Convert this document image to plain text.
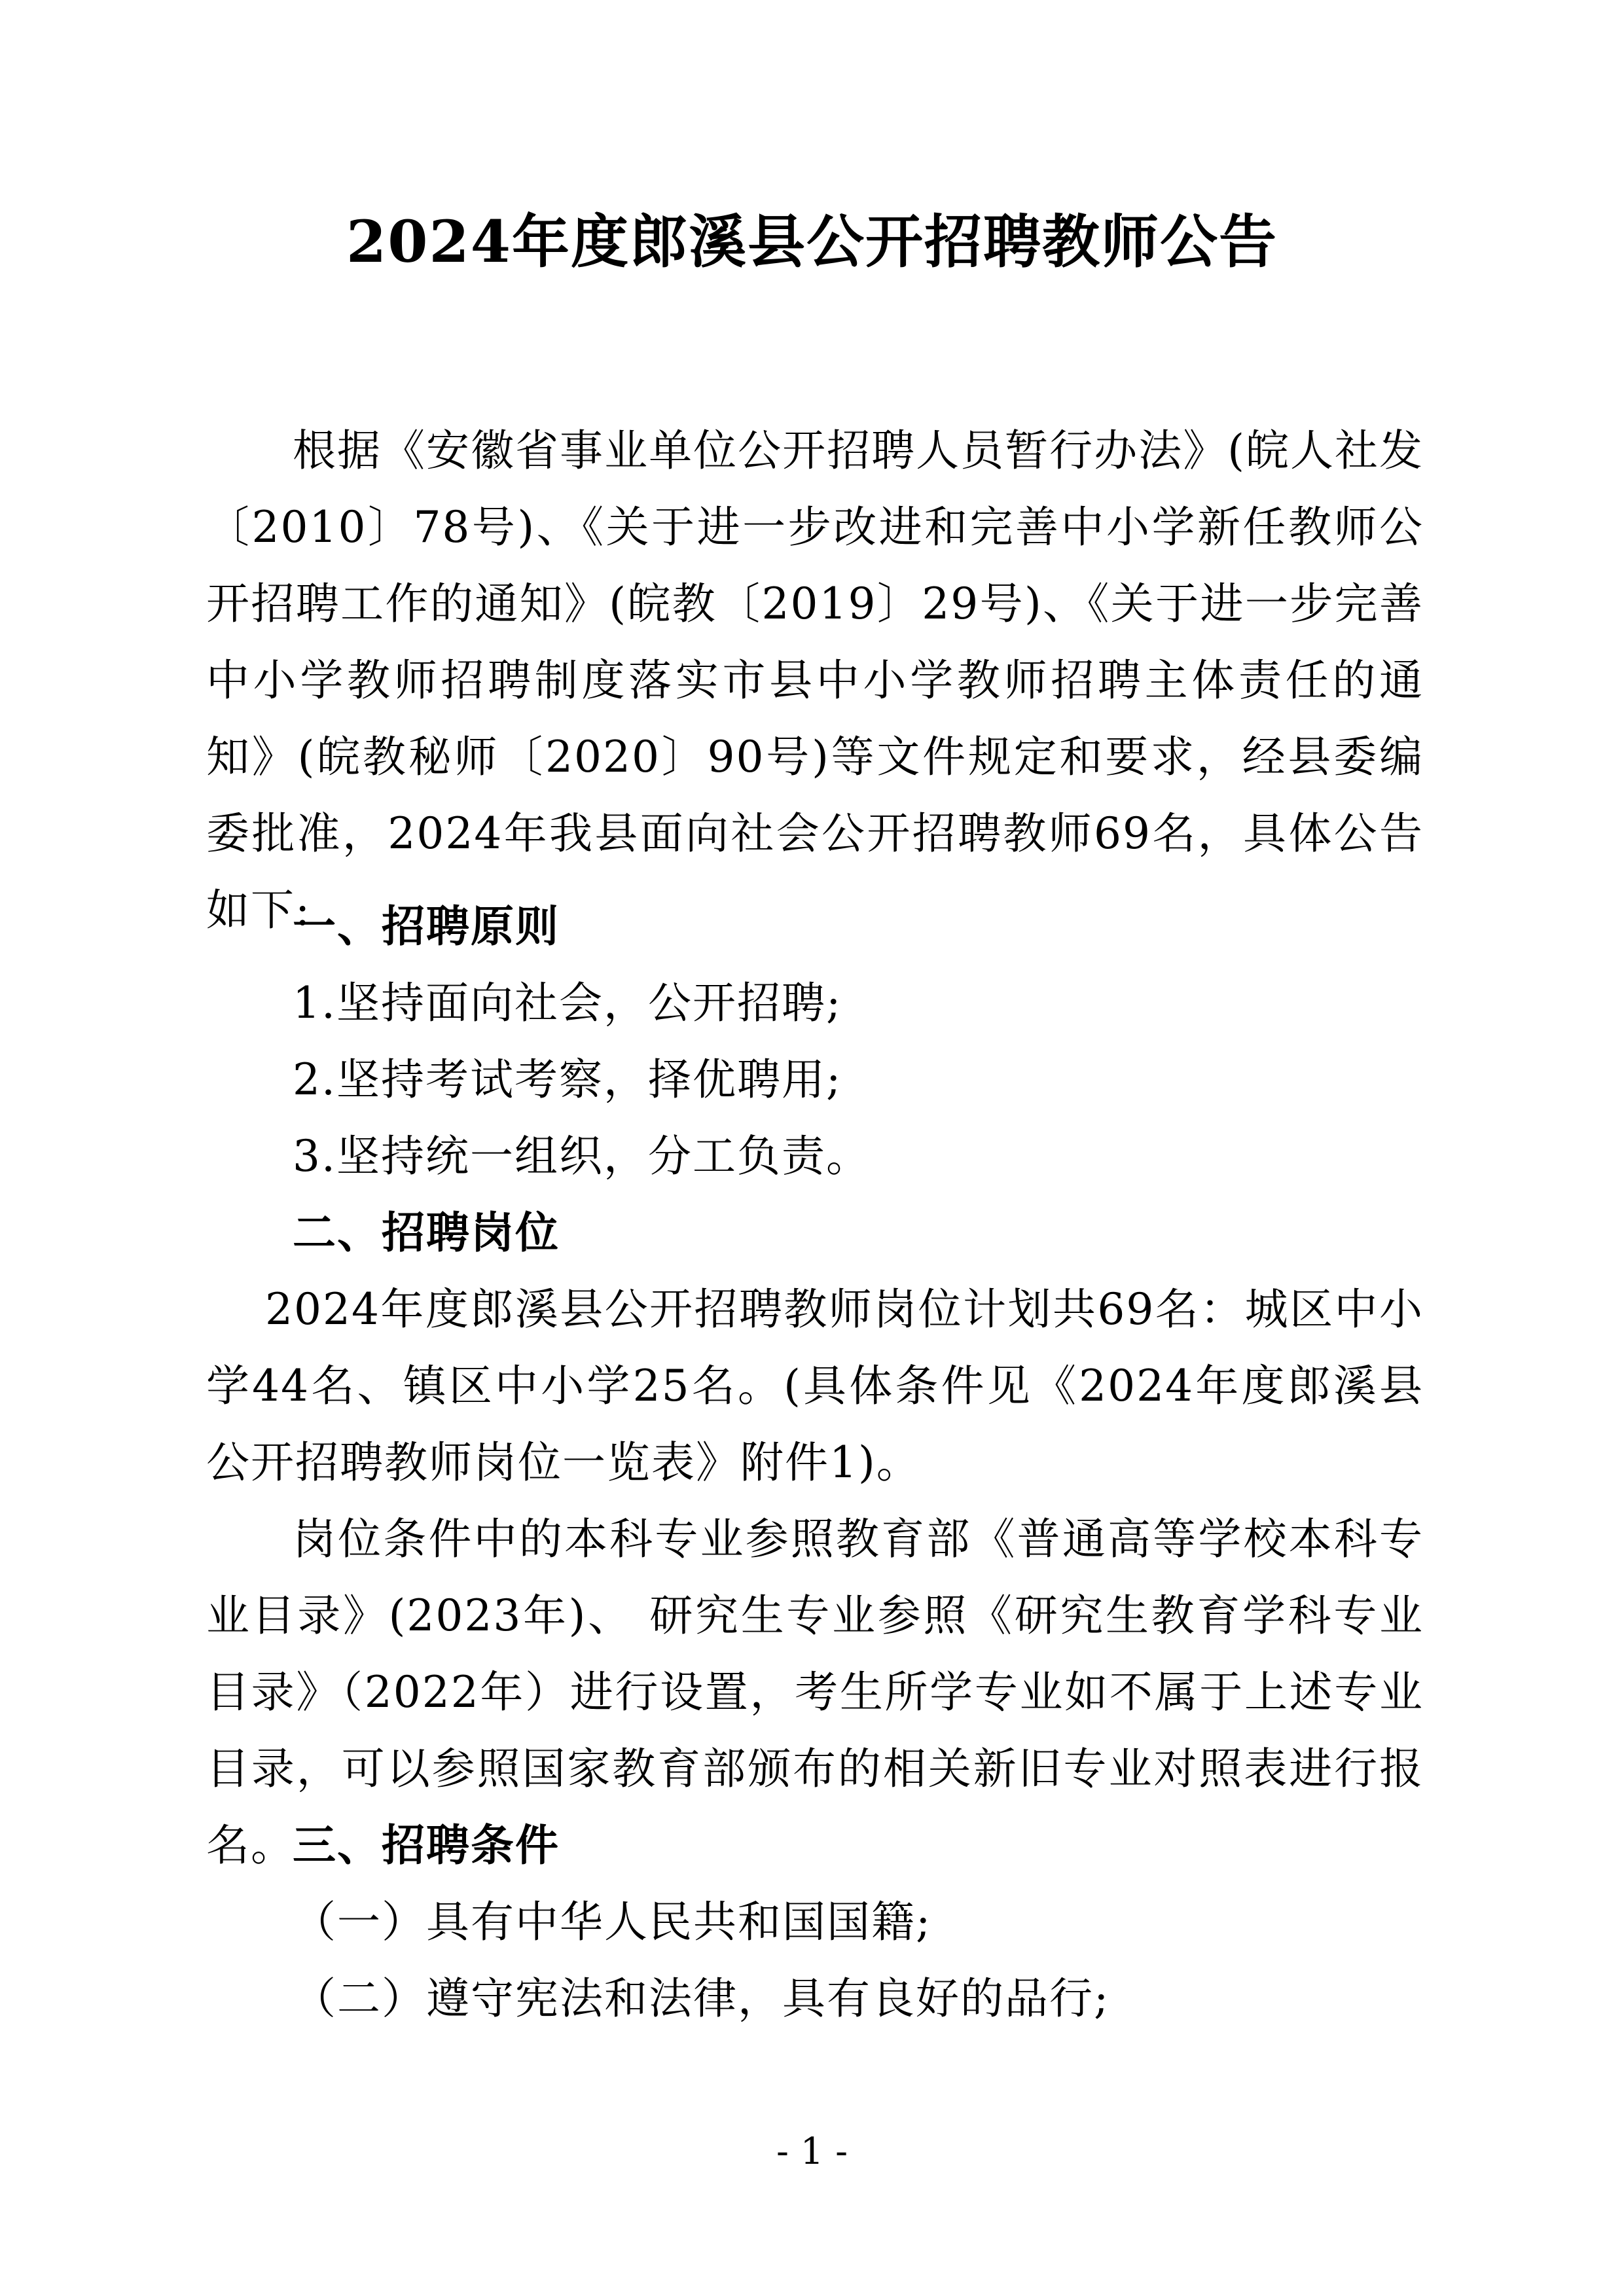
2024年度郎溪县公开招聘教师公告
根据《安徽省事业单位公开招聘人员暂行办法》(皖人社发〔2010〕78号)、《关于进一步改进和完善中小学新任教师公开招聘工作的通知》(皖教〔2019〕29号)、《关于进一步完善中小学教师招聘制度落实市县中小学教师招聘主体责任的通知》(皖教秘师〔2020〕90号)等文件规定和要求，经县委编委批准，2024年我县面向社会公开招聘教师69名，具体公告如下:
一、招聘原则
1.坚持面向社会，公开招聘;
2.坚持考试考察，择优聘用;
3.坚持统一组织，分工负责。
二、招聘岗位
2024年度郎溪县公开招聘教师岗位计划共69名：城区中小学44名、镇区中小学25名。(具体条件见《2024年度郎溪县公开招聘教师岗位一览表》附件1)。
岗位条件中的本科专业参照教育部《普通高等学校本科专业目录》(2023年)、 研究生专业参照《研究生教育学科专业目录》（2022年）进行设置，考生所学专业如不属于上述专业目录，可以参照国家教育部颁布的相关新旧专业对照表进行报名。
三、招聘条件
（一）具有中华人民共和国国籍;
（二）遵守宪法和法律，具有良好的品行;
- 1 -
